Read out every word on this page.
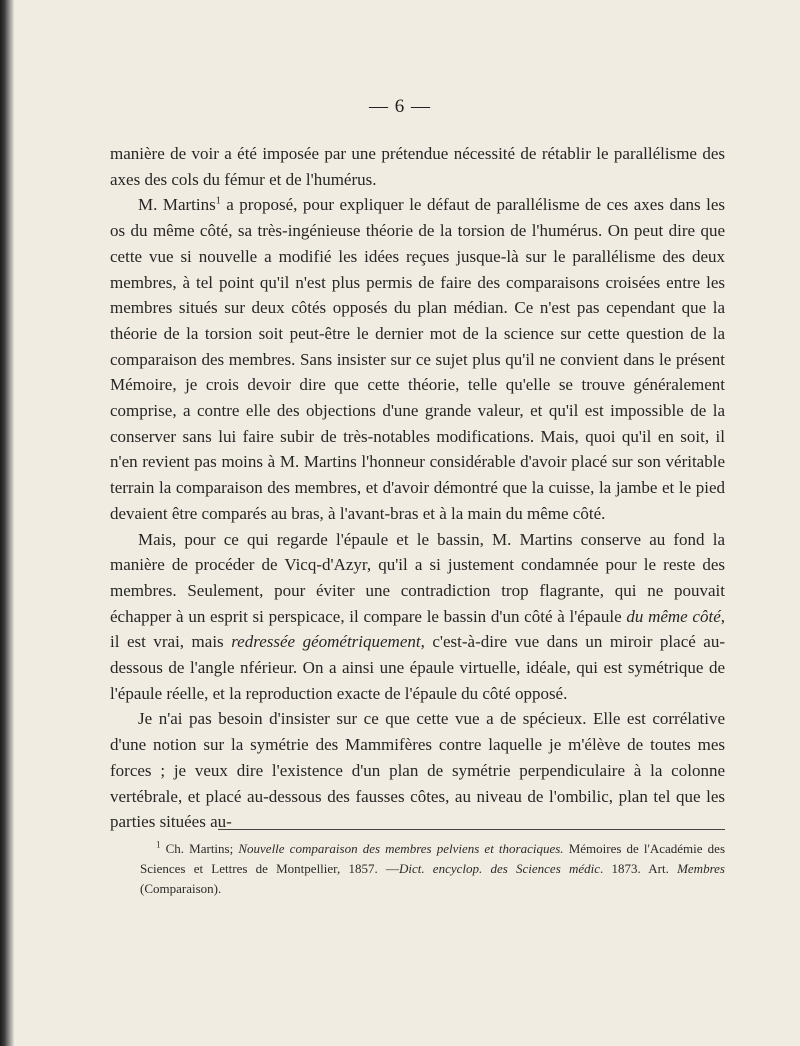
— 6 —

manière de voir a été imposée par une prétendue nécessité de rétablir le parallélisme des axes des cols du fémur et de l'humérus.

M. Martins$^1$ a proposé, pour expliquer le défaut de parallélisme de ces axes dans les os du même côté, sa très-ingénieuse théorie de la torsion de l'humérus. On peut dire que cette vue si nouvelle a modifié les idées reçues jusque-là sur le parallélisme des deux membres, à tel point qu'il n'est plus permis de faire des comparaisons croisées entre les membres situés sur deux côtés opposés du plan médian. Ce n'est pas cependant que la théorie de la torsion soit peut-être le dernier mot de la science sur cette question de la comparaison des membres. Sans insister sur ce sujet plus qu'il ne convient dans le présent Mémoire, je crois devoir dire que cette théorie, telle qu'elle se trouve généralement comprise, a contre elle des objections d'une grande valeur, et qu'il est impossible de la conserver sans lui faire subir de très-notables modifications. Mais, quoi qu'il en soit, il n'en revient pas moins à M. Martins l'honneur considérable d'avoir placé sur son véritable terrain la comparaison des membres, et d'avoir démontré que la cuisse, la jambe et le pied devaient être comparés au bras, à l'avant-bras et à la main du même côté.

Mais, pour ce qui regarde l'épaule et le bassin, M. Martins conserve au fond la manière de procéder de Vicq-d'Azyr, qu'il a si justement condamnée pour le reste des membres. Seulement, pour éviter une contradiction trop flagrante, qui ne pouvait échapper à un esprit si perspicace, il compare le bassin d'un côté à l'épaule du même côté, il est vrai, mais redressée géométriquement, c'est-à-dire vue dans un miroir placé au-dessous de l'angle nférieur. On a ainsi une épaule virtuelle, idéale, qui est symétrique de l'épaule réelle, et la reproduction exacte de l'épaule du côté opposé.

Je n'ai pas besoin d'insister sur ce que cette vue a de spécieux. Elle est corrélative d'une notion sur la symétrie des Mammifères contre laquelle je m'élève de toutes mes forces ; je veux dire l'existence d'un plan de symétrie perpendiculaire à la colonne vertébrale, et placé au-dessous des fausses côtes, au niveau de l'ombilic, plan tel que les parties situées au-

$^1$ Ch. Martins; Nouvelle comparaison des membres pelviens et thoraciques. Mémoires de l'Académie des Sciences et Lettres de Montpellier, 1857. —Dict. encyclop. des Sciences médic. 1873. Art. Membres (Comparaison).
